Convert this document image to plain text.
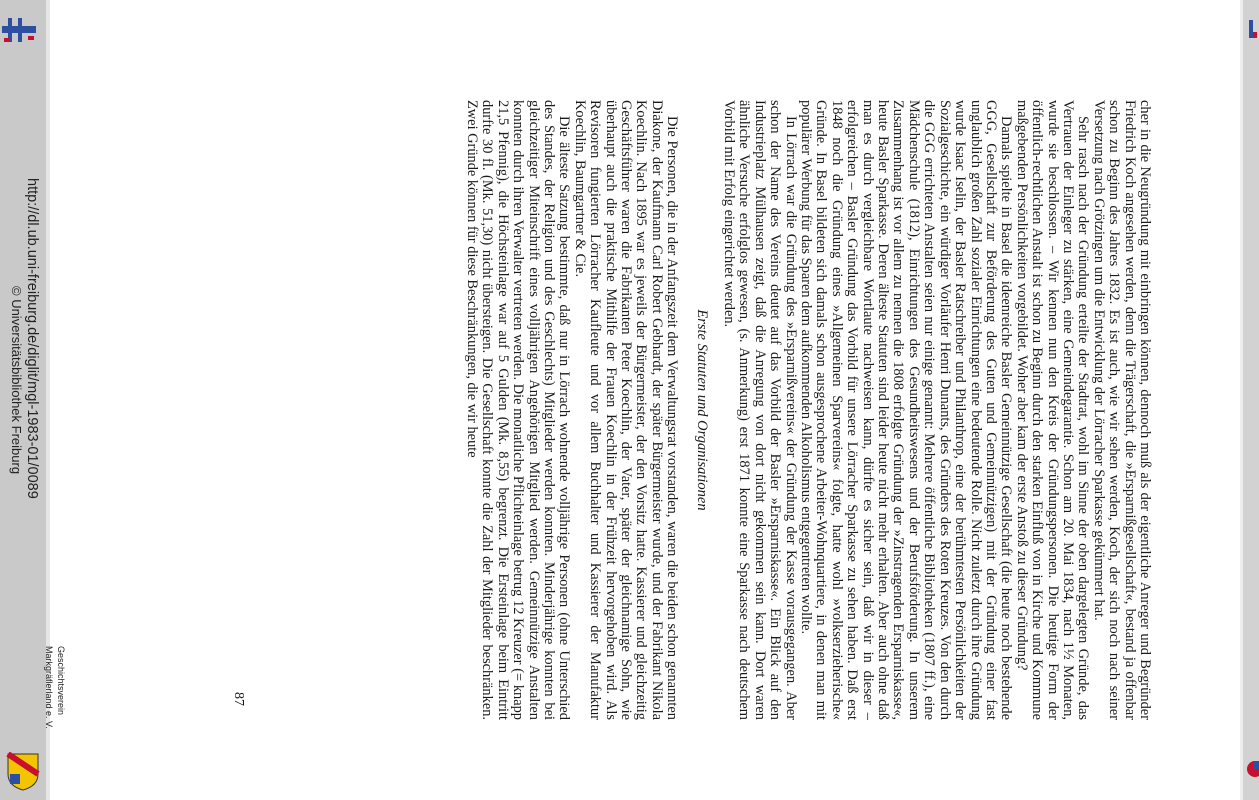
http://dl.ub.uni-freiburg.de/diglit/mgl-1983-01/0089
© Universitätsbibliothek Freiburg
Geschichtsverein
Markgräflerland e. V.	cher in die Neugründung mit einbringen können, dennoch muß als der eigentliche Anreger und Begründer Friedrich Koch angesehen werden, denn die Trägerschaft, die »Ersparnißgesellschaft«, bestand ja offenbar schon zu Beginn des Jahres 1832. Es ist auch, wie wir sehen werden, Koch, der sich noch nach seiner Versetzung nach Grötzingen um die Entwicklung der Lörracher Sparkasse gekümmert hat.

Sehr rasch nach der Gründung erteilte der Stadtrat, wohl im Sinne der oben dargelegten Gründe, das Vertrauen der Einleger zu stärken, eine Gemeindegarantie. Schon am 20. Mai 1834, nach 1½ Monaten, wurde sie beschlossen. – Wir kennen nun den Kreis der Gründungspersonen. Die heutige Form der öffentlich-rechtlichen Anstalt ist schon zu Beginn durch den starken Einfluß von in Kirche und Kommune maßgebenden Persönlichkeiten vorgebildet. Woher aber kam der erste Anstoß zu dieser Gründung?

Damals spielte in Basel die ideenreiche Basler Gemeinnützige Gesellschaft (die heute noch bestehende GGG, Gesellschaft zur Beförderung des Guten und Gemeinnützigen) mit der Gründung einer fast unglaublich großen Zahl sozialer Einrichtungen eine bedeutende Rolle. Nicht zuletzt durch ihre Gründung wurde Isaac Iselin, der Basler Ratschreiber und Philanthrop, eine der berühmtesten Persönlichkeiten der Sozialgeschichte, ein würdiger Vorläufer Henri Dunants, des Gründers des Roten Kreuzes. Von den durch die GGG errichteten Anstalten seien nur einige genannt: Mehrere öffentliche Bibliotheken (1807 ff.), eine Mädchenschule (1812), Einrichtungen des Gesundheitswesens und der Berufsförderung. In unserem Zusammenhang ist vor allem zu nennen die 1808 erfolgte Gründung der »Zinstragenden Ersparniskasse«, heute Basler Sparkasse. Deren älteste Statuten sind leider heute nicht mehr erhalten. Aber auch ohne daß man es durch vergleichbare Wortlaute nachweisen kann, dürfte es sicher sein, daß wir in dieser – erfolgreichen – Basler Gründung das Vorbild für unsere Lörracher Sparkasse zu sehen haben. Daß erst 1848 noch die Gründung eines »Allgemeinen Sparvereins« folgte, hatte wohl »volkserzieherische« Gründe. In Basel bildeten sich damals schon ausgesprochene Arbeiter-Wohnquartiere, in denen man mit populärer Werbung für das Sparen dem aufkommenden Alkoholismus entgegentreten wollte.

In Lörrach war die Gründung des »Ersparnißvereins« der Gründung der Kasse vorausgegangen. Aber schon der Name des Vereins deutet auf das Vorbild der Basler »Ersparniskasse«. Ein Blick auf den Industrieplatz Mülhausen zeigt, daß die Anregung von dort nicht gekommen sein kann. Dort waren ähnliche Versuche erfolglos gewesen, (s. Anmerkung) erst 1871 konnte eine Sparkasse nach deutschem Vorbild mit Erfolg eingerichtet werden.

Erste Statuten und Organisationen

Die Personen, die in der Anfangszeit dem Verwaltungsrat vorstanden, waren die beiden schon genannten Diakone, der Kaufmann Carl Robert Gebhardt, der später Bürgermeister wurde, und der Fabrikant Nikola Koechlin. Nach 1895 war es jeweils der Bürgermeister, der den Vorsitz hatte. Kassierer und gleichzeitig Geschäftsführer waren die Fabrikanten Peter Koechlin, der Vater, später der gleichnamige Sohn, wie überhaupt auch die praktische Mithilfe der Frauen Koechlin in der Frühzeit hervorgehoben wird. Als Revisoren fungierten Lörracher Kaufleute und vor allem Buchhalter und Kassierer der Manufaktur Koechlin, Baumgartner & Cie.

Die älteste Satzung bestimmte, daß nur in Lörrach wohnende volljährige Personen (ohne Unterschied des Standes, der Religion und des Geschlechts) Mitglieder werden konnten. Minderjährige konnten bei gleichzeitiger Miteinschrift eines volljährigen Angehörigen Mitglied werden. Gemeinnützige Anstalten konnten durch ihren Verwalter vertreten werden. Die monatliche Pflichteinlage betrug 12 Kreuzer (= knapp 21,5 Pfennig), die Höchsteinlage war auf 5 Gulden (Mk. 8,55) begrenzt. Die Ersteinlage beim Eintritt durfte 30 fl. (Mk. 51,30) nicht übersteigen. Die Gesellschaft konnte die Zahl der Mitglieder beschränken. Zwei Gründe können für diese Beschränkungen, die wir heute

87
